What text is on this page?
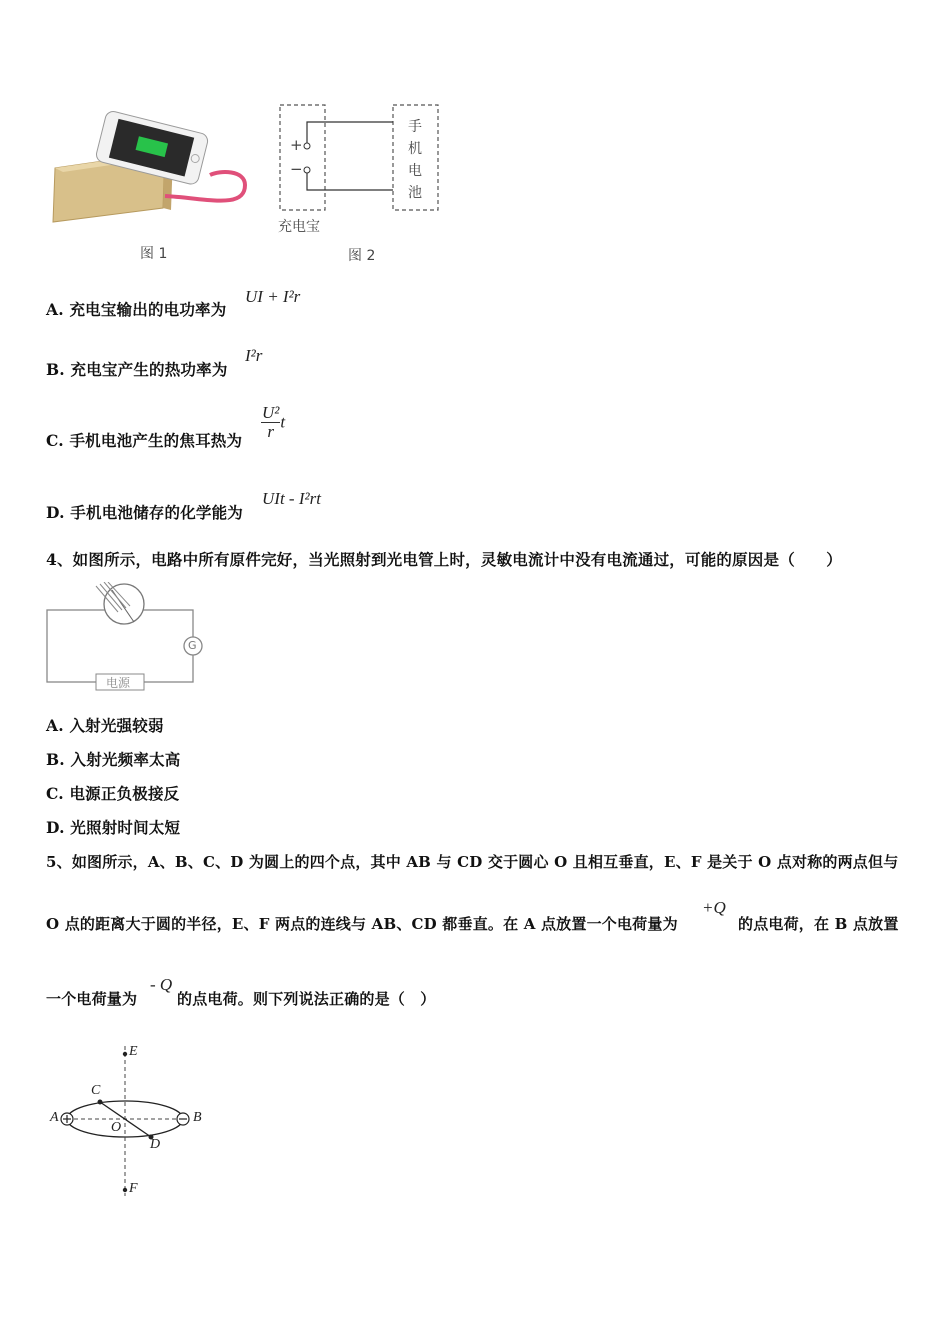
图 1
+
−
手
机
电
池
充电宝
图 2
A. 充电宝输出的电功率为
UI + I²r
B. 充电宝产生的热功率为
I²r
C. 手机电池产生的焦耳热为 $\frac{\text{U²}}{r}$ t
D. 手机电池储存的化学能为
UIt - I²rt
4、如图所示，电路中所有原件完好，当光照射到光电管上时，灵敏电流计中没有电流通过，可能的原因是（　　）
G
电源
A. 入射光强较弱
B. 入射光频率太高
C. 电源正负极接反
D. 光照射时间太短
5、如图所示，A、B、C、D 为圆上的四个点，其中 AB 与 CD 交于圆心 O 且相互垂直，E、F 是关于 O 点对称的两点但与
O 点的距离大于圆的半径，E、F 两点的连线与 AB、CD 都垂直。在 A 点放置一个电荷量为
+Q
的点电荷，在 B 点放置
一个电荷量为
- Q
的点电荷。则下列说法正确的是（　）
E
C
A	B
O
D
F
